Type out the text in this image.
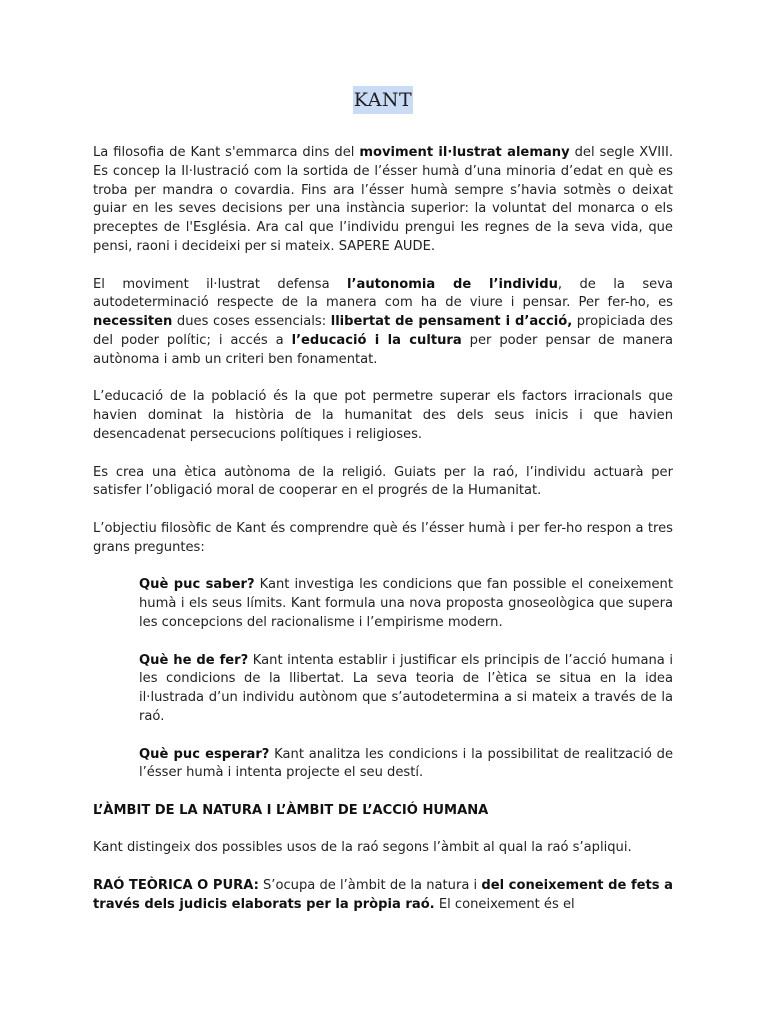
KANT

La filosofia de Kant s'emmarca dins del moviment il·lustrat alemany del segle XVIII. Es concep la Il·lustració com la sortida de l’ésser humà d’una minoria d’edat en què es troba per mandra o covardia. Fins ara l’ésser humà sempre s’havia sotmès o deixat guiar en les seves decisions per una instància superior: la voluntat del monarca o els preceptes de l'Església. Ara cal que l’individu prengui les regnes de la seva vida, que pensi, raoni i decideixi per si mateix. SAPERE AUDE.

El moviment il·lustrat defensa l’autonomia de l’individu, de la seva autodeterminació respecte de la manera com ha de viure i pensar. Per fer-ho, es necessiten dues coses essencials: llibertat de pensament i d’acció, propiciada des del poder polític; i accés a l’educació i la cultura per poder pensar de manera autònoma i amb un criteri ben fonamentat.

L’educació de la població és la que pot permetre superar els factors irracionals que havien dominat la història de la humanitat des dels seus inicis i que havien desencadenat persecucions polítiques i religioses.

Es crea una ètica autònoma de la religió. Guiats per la raó, l’individu actuarà per satisfer l’obligació moral de cooperar en el progrés de la Humanitat.

L’objectiu filosòfic de Kant és comprendre què és l’ésser humà i per fer-ho respon a tres grans preguntes:

Què puc saber? Kant investiga les condicions que fan possible el coneixement humà i els seus límits. Kant formula una nova proposta gnoseològica que supera les concepcions del racionalisme i l’empirisme modern.

Què he de fer? Kant intenta establir i justificar els principis de l’acció humana i les condicions de la llibertat. La seva teoria de l’ètica se situa en la idea il·lustrada d’un individu autònom que s’autodetermina a si mateix a través de la raó.

Què puc esperar? Kant analitza les condicions i la possibilitat de realització de l’ésser humà i intenta projecte el seu destí.

L’ÀMBIT DE LA NATURA I L’ÀMBIT DE L’ACCIÓ HUMANA

Kant distingeix dos possibles usos de la raó segons l’àmbit al qual la raó s’apliqui.

RAÓ TEÒRICA O PURA: S’ocupa de l’àmbit de la natura i del coneixement de fets a través dels judicis elaborats per la pròpia raó. El coneixement és el
